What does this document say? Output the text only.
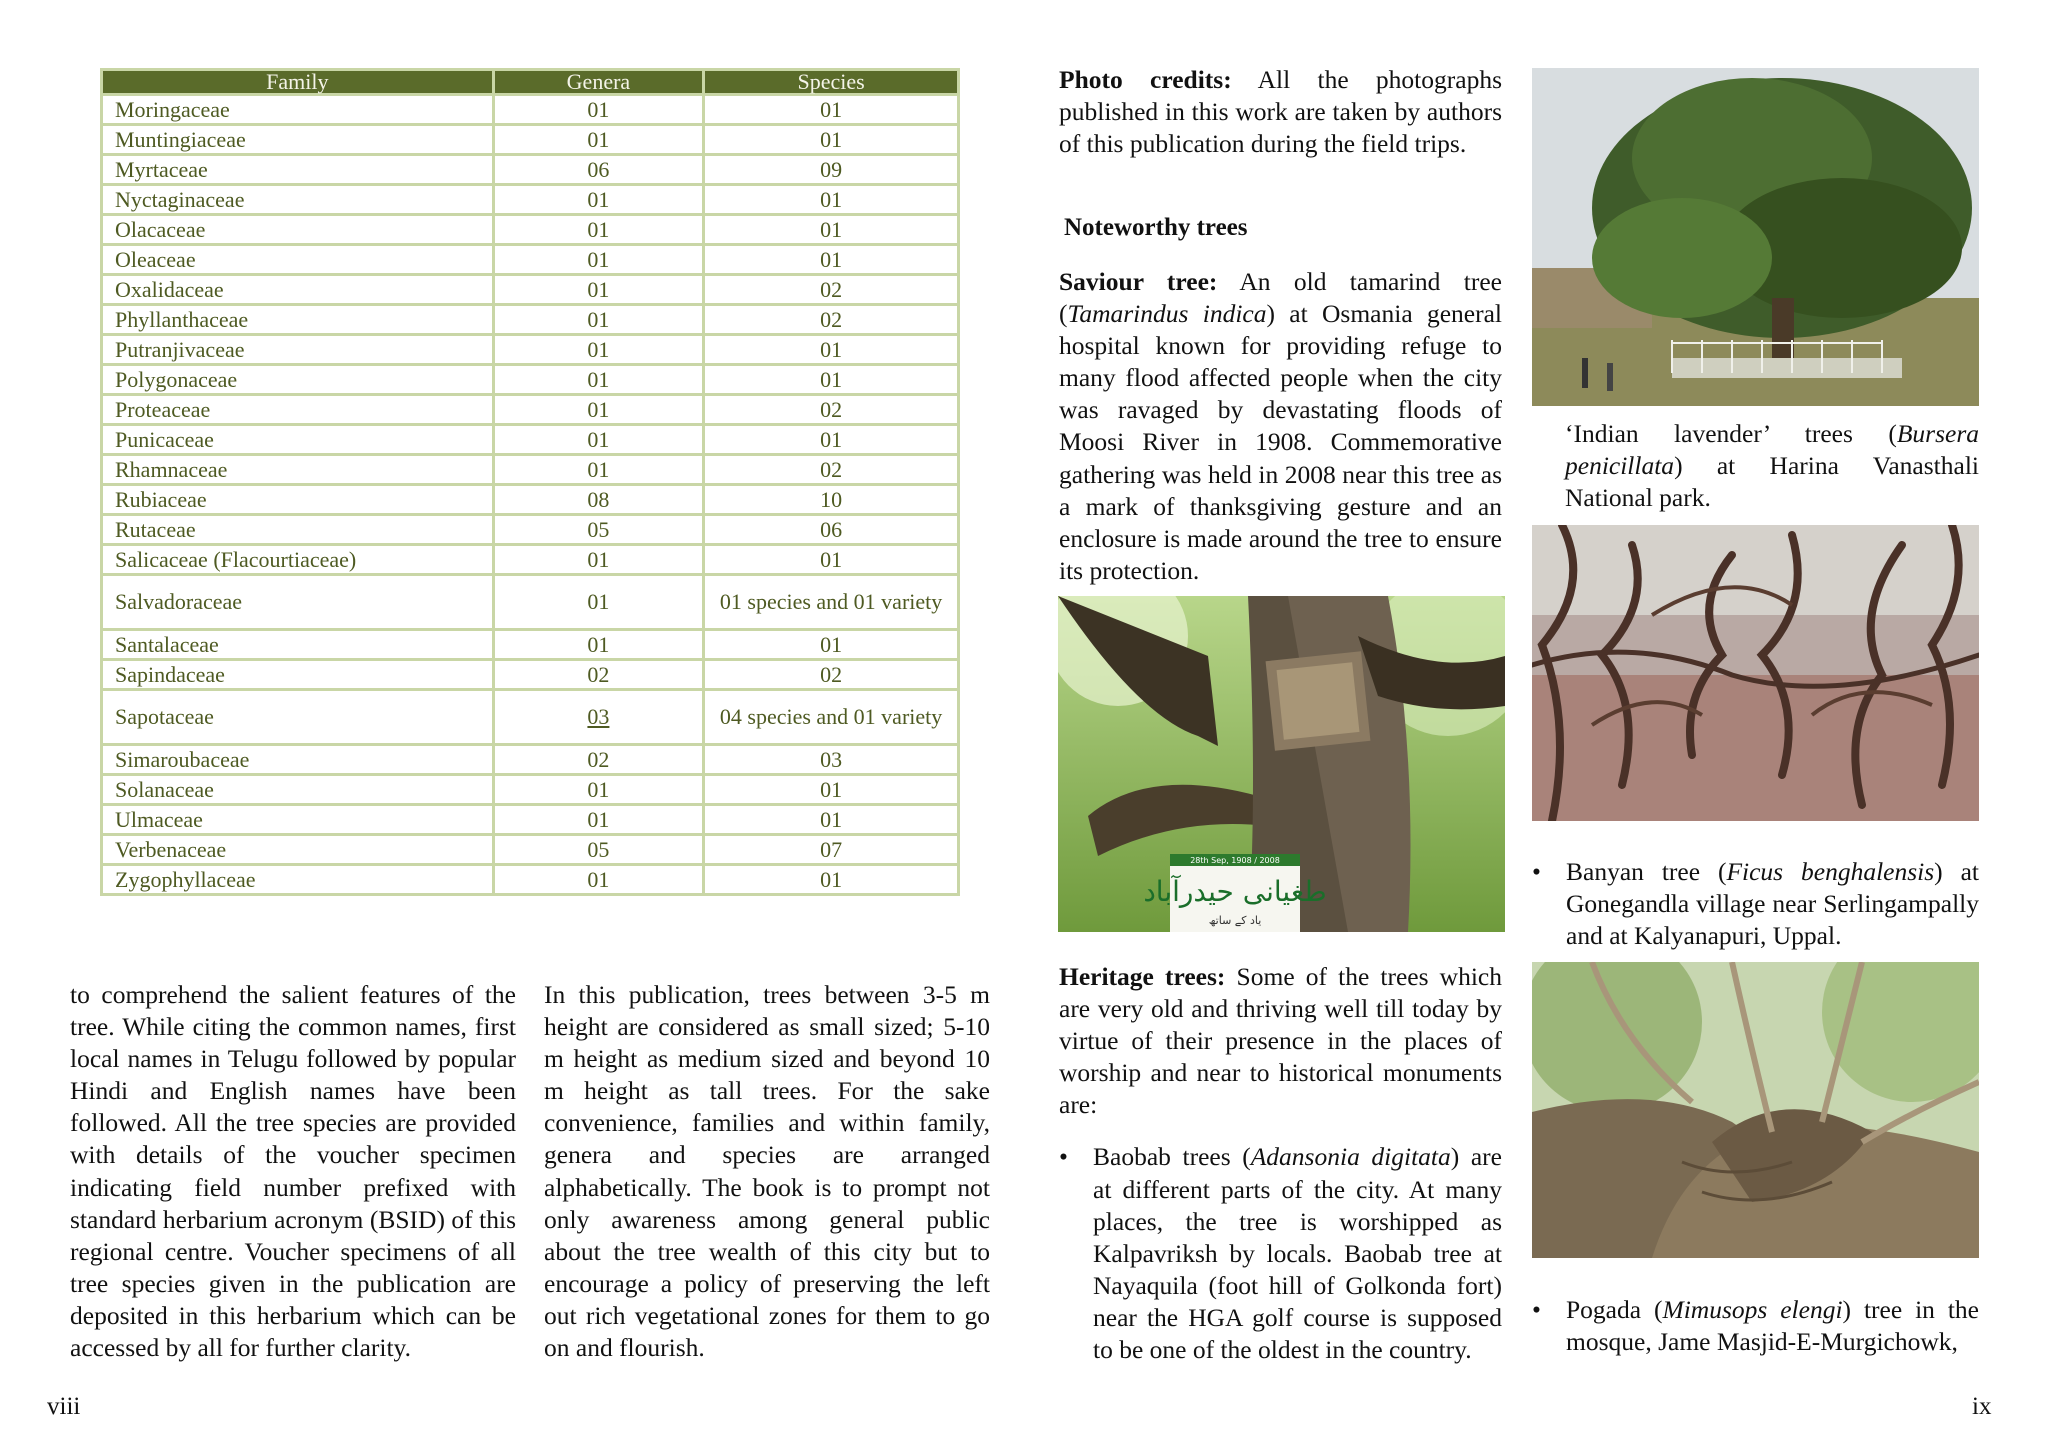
Family	Genera	Species
Moringaceae	01	01
Muntingiaceae	01	01
Myrtaceae	06	09
Nyctaginaceae	01	01
Olacaceae	01	01
Oleaceae	01	01
Oxalidaceae	01	02
Phyllanthaceae	01	02
Putranjivaceae	01	01
Polygonaceae	01	01
Proteaceae	01	02
Punicaceae	01	01
Rhamnaceae	01	02
Rubiaceae	08	10
Rutaceae	05	06
Salicaceae (Flacourtiaceae)	01	01
Salvadoraceae	01	01 species and 01 variety
Santalaceae	01	01
Sapindaceae	02	02
Sapotaceae	03	04 species and 01 variety
Simaroubaceae	02	03
Solanaceae	01	01
Ulmaceae	01	01
Verbenaceae	05	07
Zygophyllaceae	01	01

to comprehend the salient features of the tree. While citing the common names, first local names in Telugu followed by popular Hindi and English names have been followed. All the tree species are provided with details of the voucher specimen indicating field number prefixed with standard herbarium acronym (BSID) of this regional centre. Voucher specimens of all tree species given in the publication are deposited in this herbarium which can be accessed by all for further clarity.

In this publication, trees between 3-5 m height are considered as small sized; 5-10 m height as medium sized and beyond 10 m height as tall trees. For the sake convenience, families and within family, genera and species are arranged alphabetically. The book is to prompt not only awareness among general public about the tree wealth of this city but to encourage a policy of preserving the left out rich vegetational zones for them to go on and flourish.

viii

Photo credits: All the photographs published in this work are taken by authors of this publication during the field trips.

Noteworthy trees

Saviour tree: An old tamarind tree (Tamarindus indica) at Osmania general hospital known for providing refuge to many flood affected people when the city was ravaged by devastating floods of Moosi River in 1908. Commemorative gathering was held in 2008 near this tree as a mark of thanksgiving gesture and an enclosure is made around the tree to ensure its protection.

28th Sep, 1908 / 2008
طغیانی حیدرآباد
یاد کے ساتھ

Heritage trees: Some of the trees which are very old and thriving well till today by virtue of their presence in the places of worship and near to historical monuments are:

• Baobab trees (Adansonia digitata) are at different parts of the city. At many places, the tree is worshipped as Kalpavriksh by locals. Baobab tree at Nayaquila (foot hill of Golkonda fort) near the HGA golf course is supposed to be one of the oldest in the country.

‘Indian lavender’ trees (Bursera penicillata) at Harina Vanasthali National park.

• Banyan tree (Ficus benghalensis) at Gonegandla village near Serlingampally and at Kalyanapuri, Uppal.
• Pogada (Mimusops elengi) tree in the mosque, Jame Masjid-E-Murgichowk,
ix
